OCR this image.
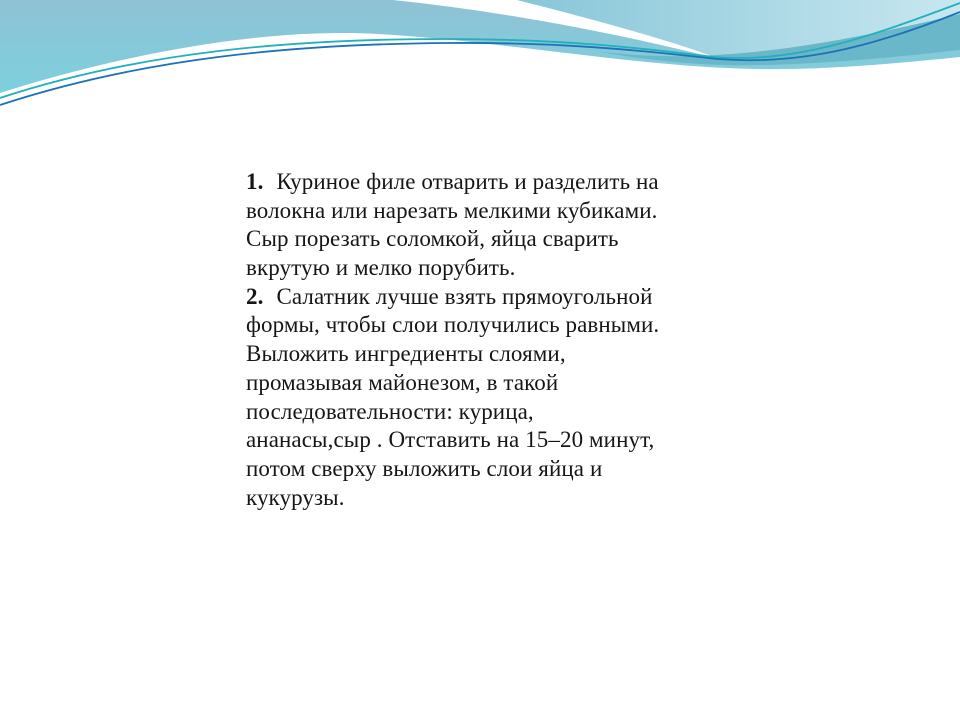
1. Куриное филе отварить и разделить на
волокна или нарезать мелкими кубиками.
Сыр порезать соломкой, яйца сварить
вкрутую и мелко порубить.
2. Салатник лучше взять прямоугольной
формы, чтобы слои получились равными.
Выложить ингредиенты слоями,
промазывая майонезом, в такой
последовательности: курица,
ананасы,сыр . Отставить на 15–20 минут,
потом сверху выложить слои яйца и
кукурузы.
